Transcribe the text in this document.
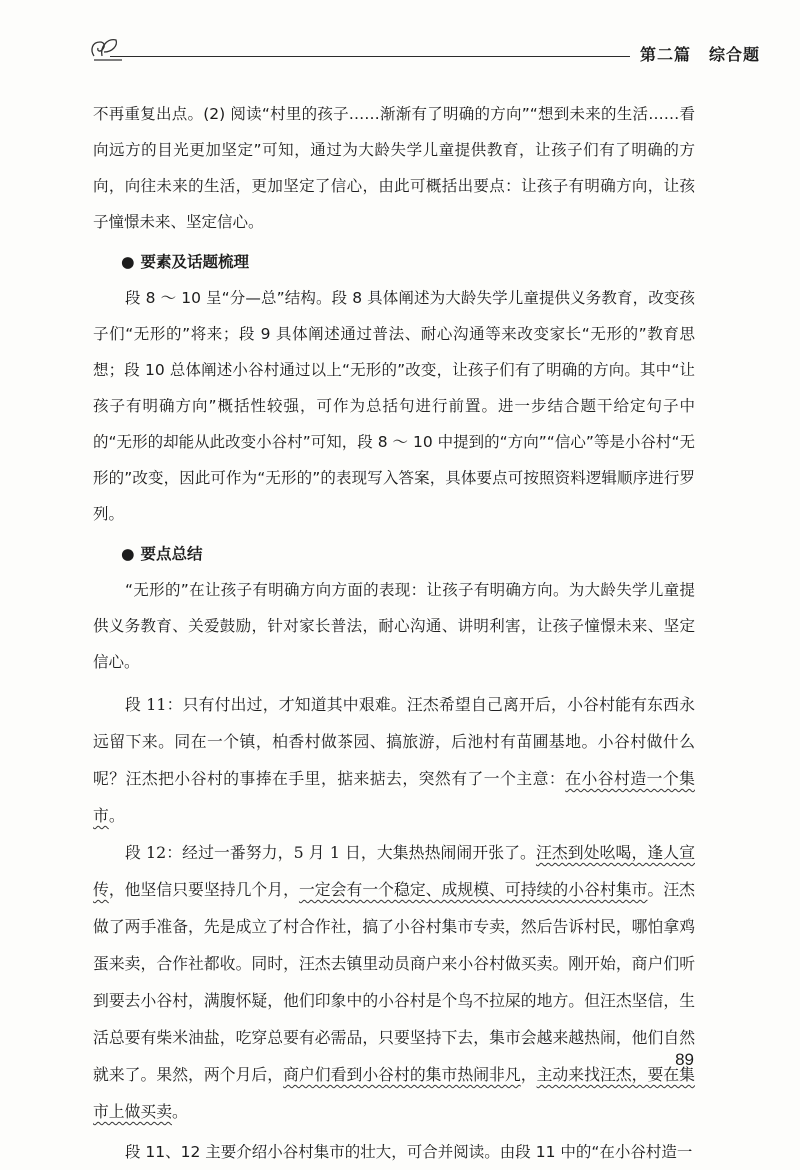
第二篇 综合题

不再重复出点。(2) 阅读“村里的孩子……渐渐有了明确的方向”“想到未来的生活……看向远方的目光更加坚定”可知，通过为大龄失学儿童提供教育，让孩子们有了明确的方向，向往未来的生活，更加坚定了信心，由此可概括出要点：让孩子有明确方向，让孩子憧憬未来、坚定信心。

● 要素及话题梳理

段 8 ～ 10 呈“分—总”结构。段 8 具体阐述为大龄失学儿童提供义务教育，改变孩子们“无形的”将来；段 9 具体阐述通过普法、耐心沟通等来改变家长“无形的”教育思想；段 10 总体阐述小谷村通过以上“无形的”改变，让孩子们有了明确的方向。其中“让孩子有明确方向”概括性较强，可作为总括句进行前置。进一步结合题干给定句子中的“无形的却能从此改变小谷村”可知，段 8 ～ 10 中提到的“方向”“信心”等是小谷村“无形的”改变，因此可作为“无形的”的表现写入答案，具体要点可按照资料逻辑顺序进行罗列。

● 要点总结

“无形的”在让孩子有明确方向方面的表现：让孩子有明确方向。为大龄失学儿童提供义务教育、关爱鼓励，针对家长普法，耐心沟通、讲明利害，让孩子憧憬未来、坚定信心。

段 11：只有付出过，才知道其中艰难。汪杰希望自己离开后，小谷村能有东西永远留下来。同在一个镇，柏香村做茶园、搞旅游，后池村有苗圃基地。小谷村做什么呢？汪杰把小谷村的事捧在手里，掂来掂去，突然有了一个主意：在小谷村造一个集市。

段 12：经过一番努力，5 月 1 日，大集热热闹闹开张了。汪杰到处吆喝，逢人宣传，他坚信只要坚持几个月，一定会有一个稳定、成规模、可持续的小谷村集市。汪杰做了两手准备，先是成立了村合作社，搞了小谷村集市专卖，然后告诉村民，哪怕拿鸡蛋来卖，合作社都收。同时，汪杰去镇里动员商户来小谷村做买卖。刚开始，商户们听到要去小谷村，满腹怀疑，他们印象中的小谷村是个鸟不拉屎的地方。但汪杰坚信，生活总要有柴米油盐，吃穿总要有必需品，只要坚持下去，集市会越来越热闹，他们自然就来了。果然，两个月后，商户们看到小谷村的集市热闹非凡，主动来找汪杰，要在集市上做买卖。

段 11、12 主要介绍小谷村集市的壮大，可合并阅读。由段 11 中的“在小谷村造一

89
